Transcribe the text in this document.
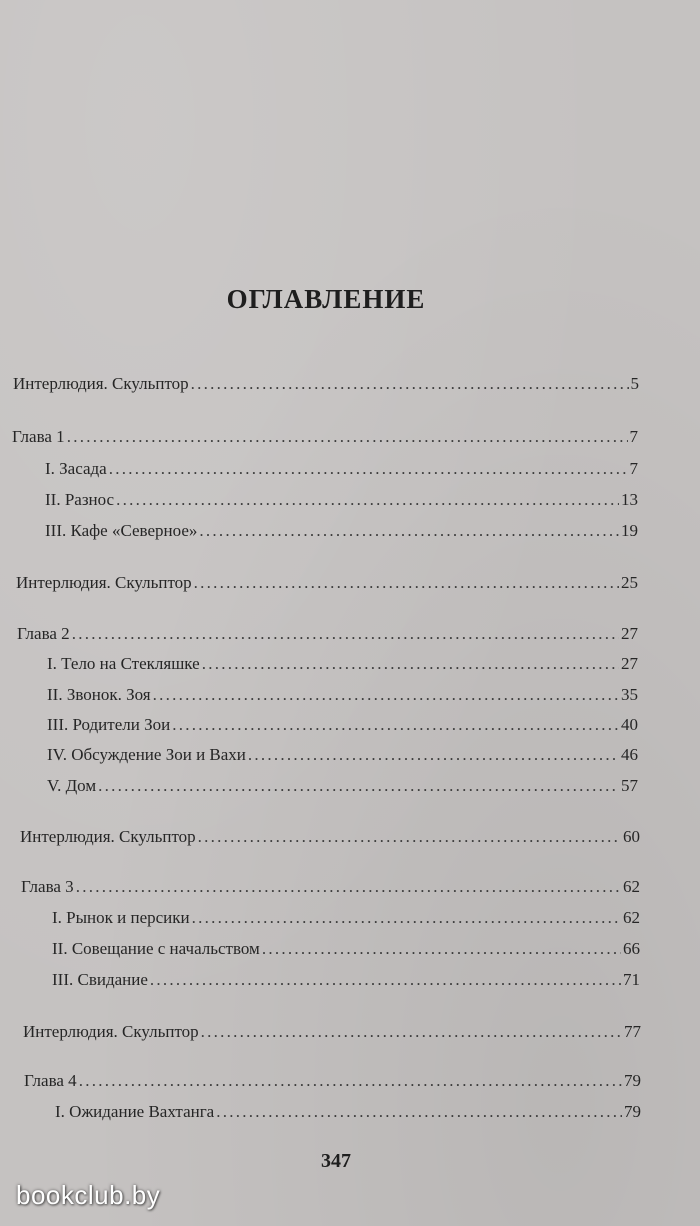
ОГЛАВЛЕНИЕ
Интерлюдия. Скульптор . . .	5
Глава 1 . . .	7
I. Засада . . .	7
II. Разнос . . .	13
III. Кафе «Северное» . . .	19
Интерлюдия. Скульптор . . .	25
Глава 2 . . .	27
I. Тело на Стекляшке . . .	27
II. Звонок. Зоя . . .	35
III. Родители Зои . . .	40
IV. Обсуждение Зои и Вахи . . .	46
V. Дом . . .	57
Интерлюдия. Скульптор . . .	60
Глава 3 . . .	62
I. Рынок и персики . . .	62
II. Совещание с начальством . . .	66
III. Свидание . . .	71
Интерлюдия. Скульптор . . .	77
Глава 4 . . .	79
I. Ожидание Вахтанга . . .	79
347
bookclub.by
